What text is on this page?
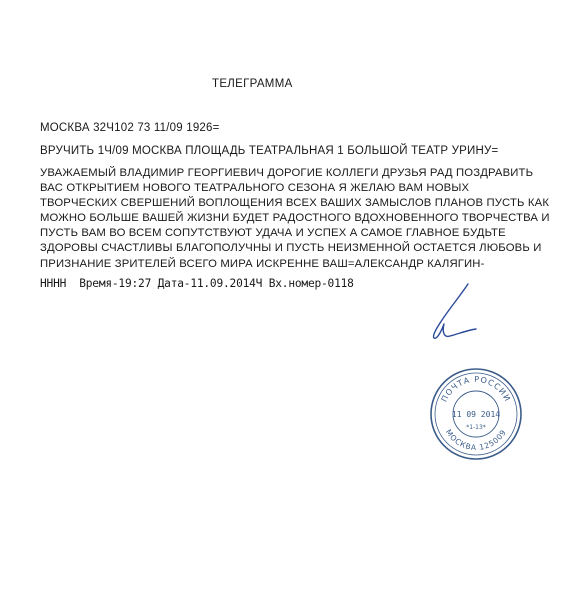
ТЕЛЕГРАММА
МОСКВА 32Ч102 73 11/09 1926=
ВРУЧИТЬ 1Ч/09 МОСКВА ПЛОЩАДЬ ТЕАТРАЛЬНАЯ 1 БОЛЬШОЙ ТЕАТР УРИНУ=
УВАЖАЕМЫЙ ВЛАДИМИР ГЕОРГИЕВИЧ ДОРОГИЕ КОЛЛЕГИ ДРУЗЬЯ РАД ПОЗДРАВИТЬ
ВАС ОТКРЫТИЕМ НОВОГО ТЕАТРАЛЬНОГО СЕЗОНА Я ЖЕЛАЮ ВАМ НОВЫХ
ТВОРЧЕСКИХ СВЕРШЕНИЙ ВОПЛОЩЕНИЯ ВСЕХ ВАШИХ ЗАМЫСЛОВ ПЛАНОВ ПУСТЬ КАК
МОЖНО БОЛЬШЕ ВАШЕЙ ЖИЗНИ БУДЕТ РАДОСТНОГО ВДОХНОВЕННОГО ТВОРЧЕСТВА И
ПУСТЬ ВАМ ВО ВСЕМ СОПУТСТВУЮТ УДАЧА И УСПЕХ А САМОЕ ГЛАВНОЕ БУДЬТЕ
ЗДОРОВЫ СЧАСТЛИВЫ БЛАГОПОЛУЧНЫ И ПУСТЬ НЕИЗМЕННОЙ ОСТАЕТСЯ ЛЮБОВЬ И
ПРИЗНАНИЕ ЗРИТЕЛЕЙ ВСЕГО МИРА ИСКРЕННЕ ВАШ=АЛЕКСАНДР КАЛЯГИН-
НННН  Время-19:27 Дата-11.09.2014Ч Вх.номер-0118
ПОЧТА РОССИИ
11 09 2014
*1-13*
МОСКВА 125009
